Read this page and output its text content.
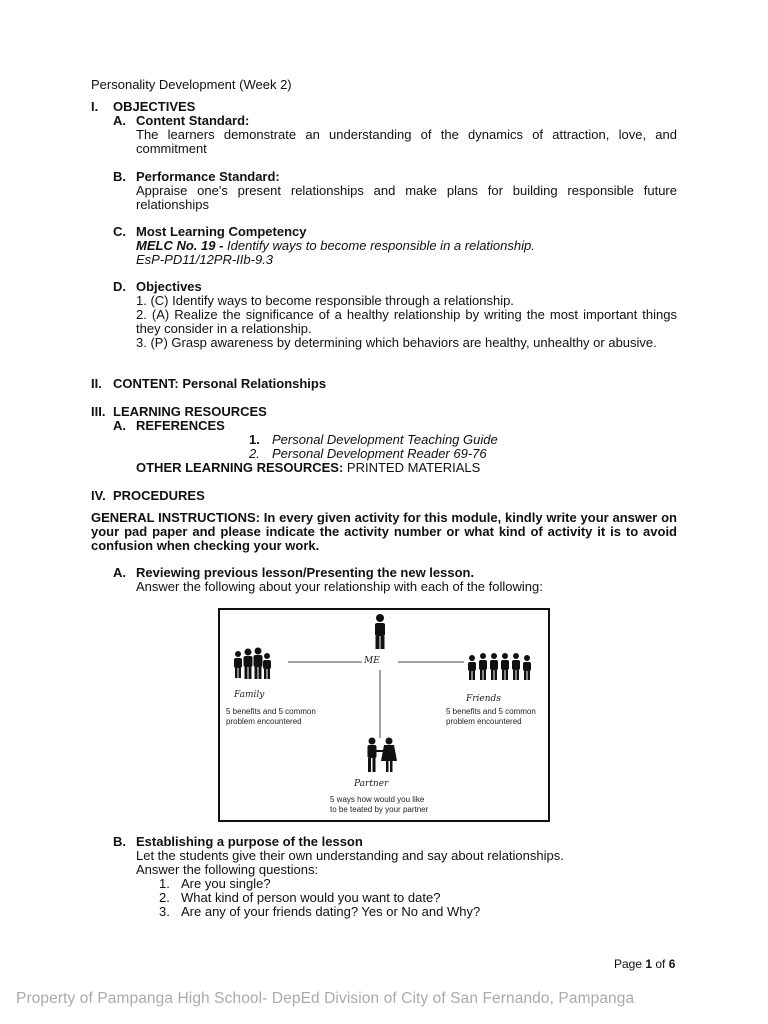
Personality Development (Week 2)
I. OBJECTIVES
A. Content Standard:
The learners demonstrate an understanding of the dynamics of attraction, love, and commitment
B. Performance Standard:
Appraise one's present relationships and make plans for building responsible future relationships
C. Most Learning Competency
MELC No. 19 - Identify ways to become responsible in a relationship.
EsP-PD11/12PR-IIb-9.3
D. Objectives
1. (C) Identify ways to become responsible through a relationship.
2. (A) Realize the significance of a healthy relationship by writing the most important things they consider in a relationship.
3. (P) Grasp awareness by determining which behaviors are healthy, unhealthy or abusive.
II. CONTENT: Personal Relationships
III. LEARNING RESOURCES
A. REFERENCES
1. Personal Development Teaching Guide
2. Personal Development Reader 69-76
OTHER LEARNING RESOURCES: PRINTED MATERIALS
IV. PROCEDURES
GENERAL INSTRUCTIONS: In every given activity for this module, kindly write your answer on your pad paper and please indicate the activity number or what kind of activity it is to avoid confusion when checking your work.
A. Reviewing previous lesson/Presenting the new lesson.
Answer the following about your relationship with each of the following:
ME
Family
5 benefits and 5 common
problem encountered
Friends
5 benefits and 5 common
problem encountered
Partner
5 ways how would you like
to be teated by your partner
B. Establishing a purpose of the lesson
Let the students give their own understanding and say about relationships.
Answer the following questions:
1. Are you single?
2. What kind of person would you want to date?
3. Are any of your friends dating? Yes or No and Why?
Page 1 of 6
Property of Pampanga High School- DepEd Division of City of San Fernando, Pampanga
